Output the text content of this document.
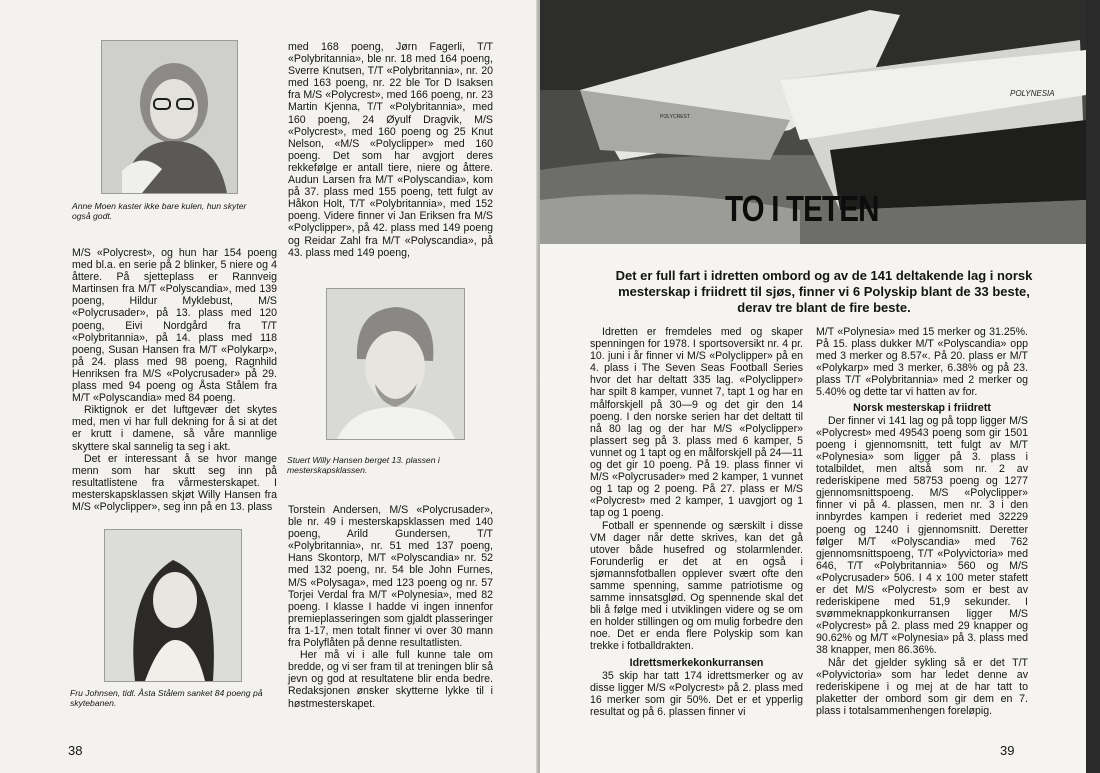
Anne Moen kaster ikke bare kulen, hun skyter også godt.

M/S «Polycrest», og hun har 154 poeng med bl.a. en serie på 2 blinker, 5 niere og 4 åttere. På sjetteplass er Rannveig Martinsen fra M/T «Polyscandia», med 139 poeng, Hildur Myklebust, M/S «Polycrusader», på 13. plass med 120 poeng, Eivi Nordgård fra T/T «Polybritannia», på 14. plass med 118 poeng, Susan Hansen fra M/T «Polykarp», på 24. plass med 98 poeng, Ragnhild Henriksen fra M/S «Polycrusader» på 29. plass med 94 poeng og Åsta Stålem fra M/T «Polyscandia» med 84 poeng.

Riktignok er det luftgevær det skytes med, men vi har full dekning for å si at det er krutt i damene, så våre mannlige skyttere skal sannelig ta seg i akt.

Det er interessant å se hvor mange menn som har skutt seg inn på resultatlistene fra vårmesterskapet. I mesterskapsklassen skjøt Willy Hansen fra M/S «Polyclipper», seg inn på en 13. plass

Fru Johnsen, tidl. Åsta Stålem sanket 84 poeng på skytebanen.

med 168 poeng, Jørn Fagerli, T/T «Polybritannia», ble nr. 18 med 164 poeng, Sverre Knutsen, T/T «Polybritannia», nr. 20 med 163 poeng, nr. 22 ble Tor D Isaksen fra M/S «Polycrest», med 166 poeng, nr. 23 Martin Kjenna, T/T «Polybritannia», med 160 poeng, 24 Øyulf Dragvik, M/S «Polycrest», med 160 poeng og 25 Knut Nelson, «M/S «Polyclipper» med 160 poeng. Det som har avgjort deres rekkefølge er antall tiere, niere og åttere. Audun Larsen fra M/T «Polyscandia», kom på 37. plass med 155 poeng, tett fulgt av Håkon Holt, T/T «Polybritannia», med 152 poeng. Videre finner vi Jan Eriksen fra M/S «Polyclipper», på 42. plass med 149 poeng og Reidar Zahl fra M/T «Polyscandia», på 43. plass med 149 poeng,

Stuert Willy Hansen berget 13. plassen i mesterskapsklassen.

Torstein Andersen, M/S «Polycrusader», ble nr. 49 i mesterskapsklassen med 140 poeng, Arild Gundersen, T/T «Polybritannia», nr. 51 med 137 poeng, Hans Skontorp, M/T «Polyscandia» nr. 52 med 132 poeng, nr. 54 ble John Furnes, M/S «Polysaga», med 123 poeng og nr. 57 Torjei Verdal fra M/T «Polynesia», med 82 poeng. I klasse I hadde vi ingen innenfor premieplasseringen som gjaldt plasseringer fra 1-17, men totalt finner vi over 30 mann fra Polyflåten på denne resultatlisten.

Her må vi i alle full kunne tale om bredde, og vi ser fram til at treningen blir så jevn og god at resultatene blir enda bedre. Redaksjonen ønsker skytterne lykke til i høstmesterskapet.

38
POLYNESIA
POLYCREST
TO I TETEN
Det er full fart i idretten ombord og av de 141 deltakende lag i norsk mesterskap i friidrett til sjøs, finner vi 6 Polyskip blant de 33 beste, derav tre blant de fire beste.

Idretten er fremdeles med og skaper spenningen for 1978. I sportsoversikt nr. 4 pr. 10. juni i år finner vi M/S «Polyclipper» på en 4. plass i The Seven Seas Football Series hvor det har deltatt 335 lag. «Polyclipper» har spilt 8 kamper, vunnet 7, tapt 1 og har en målforskjell på 30—9 og det gir den 14 poeng. I den norske serien har det deltatt til nå 80 lag og der har M/S «Polyclipper» plassert seg på 3. plass med 6 kamper, 5 vunnet og 1 tapt og en målforskjell på 24—11 og det gir 10 poeng. På 19. plass finner vi M/S «Polycrusader» med 2 kamper, 1 vunnet og 1 tap og 2 poeng. På 27. plass er M/S «Polycrest» med 2 kamper, 1 uavgjort og 1 tap og 1 poeng.

Fotball er spennende og særskilt i disse VM dager når dette skrives, kan det gå utover både husefred og stolarmlender. Forunderlig er det at en også i sjømannsfotballen opplever svært ofte den samme spenning, samme patriotisme og samme innsatsglød. Og spennende skal det bli å følge med i utviklingen videre og se om en holder stillingen og om mulig forbedre den noe. Det er enda flere Polyskip som kan trekke i fotballdrakten.

Idrettsmerkekonkurransen

35 skip har tatt 174 idrettsmerker og av disse ligger M/S «Polycrest» på 2. plass med 16 merker som gir 50%. Det er et ypperlig resultat og på 6. plassen finner vi

M/T «Polynesia» med 15 merker og 31.25%. På 15. plass dukker M/T «Polyscandia» opp med 3 merker og 8.57«. På 20. plass er M/T «Polykarp» med 3 merker, 6.38% og på 23. plass T/T «Polybritannia» med 2 merker og 5.40% og dette tar vi hatten av for.

Norsk mesterskap i friidrett

Der finner vi 141 lag og på topp ligger M/S «Polycrest» med 49543 poeng som gir 1501 poeng i gjennomsnitt, tett fulgt av M/T «Polynesia» som ligger på 3. plass i totalbildet, men altså som nr. 2 av rederiskipene med 58753 poeng og 1277 gjennomsnittspoeng. M/S «Polyclipper» finner vi på 4. plassen, men nr. 3 i den innbyrdes kampen i rederiet med 32229 poeng og 1240 i gjennomsnitt. Deretter følger M/T «Polyscandia» med 762 gjennomsnittspoeng, T/T «Polyvictoria» med 646, T/T «Polybritannia» 560 og M/S «Polycrusader» 506. I 4 x 100 meter stafett er det M/S «Polycrest» som er best av rederiskipene med 51,9 sekunder. I svømmeknappkonkurransen ligger M/S «Polycrest» på 2. plass med 29 knapper og 90.62% og M/T «Polynesia» på 3. plass med 38 knapper, men 86.36%.

Når det gjelder sykling så er det T/T «Polyvictoria» som har ledet denne av rederiskipene i og mej at de har tatt to plaketter der ombord som gir dem en 7. plass i totalsammenhengen foreløpig.

39
